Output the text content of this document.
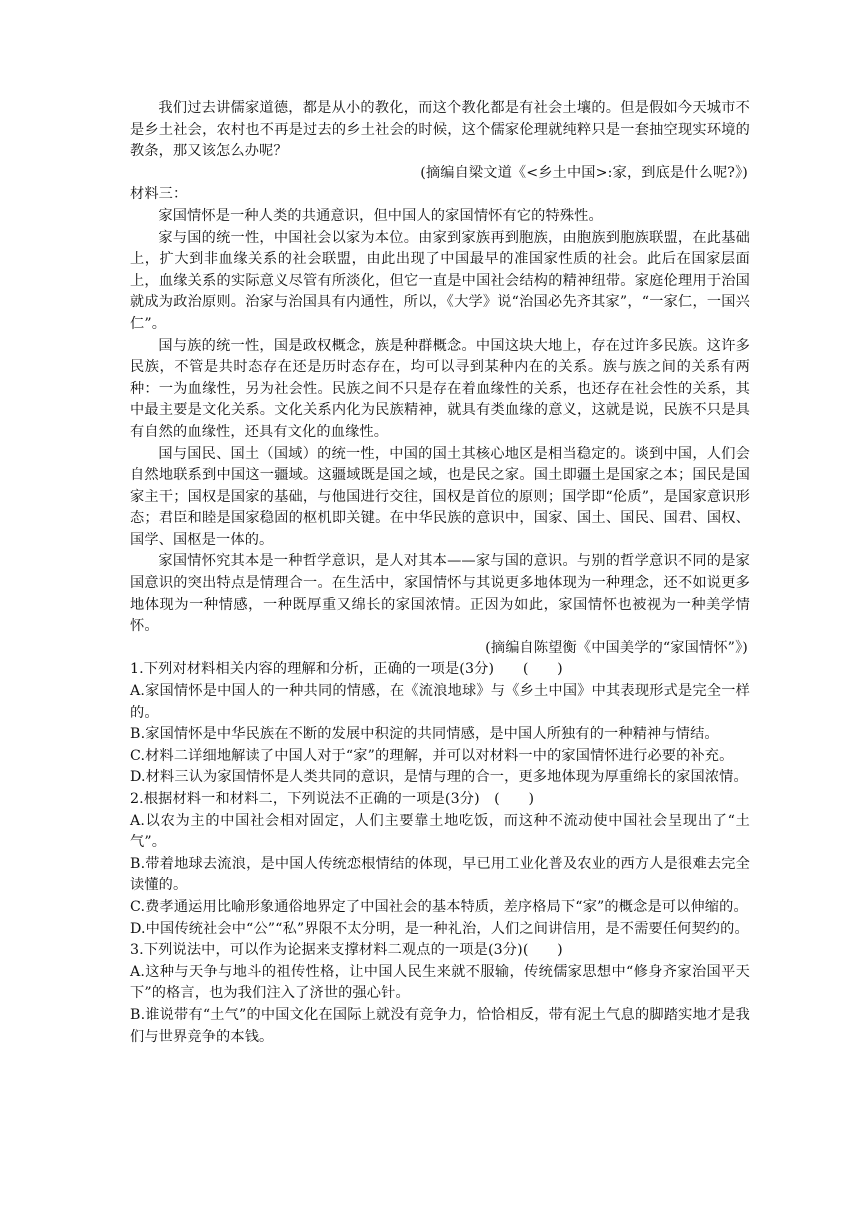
我们过去讲儒家道德，都是从小的教化，而这个教化都是有社会土壤的。但是假如今天城市不是乡土社会，农村也不再是过去的乡土社会的时候，这个儒家伦理就纯粹只是一套抽空现实环境的教条，那又该怎么办呢？

(摘编自梁文道《<乡土中国>:家，到底是什么呢?》)

材料三：

家国情怀是一种人类的共通意识，但中国人的家国情怀有它的特殊性。

家与国的统一性，中国社会以家为本位。由家到家族再到胞族，由胞族到胞族联盟，在此基础上，扩大到非血缘关系的社会联盟，由此出现了中国最早的准国家性质的社会。此后在国家层面上，血缘关系的实际意义尽管有所淡化，但它一直是中国社会结构的精神纽带。家庭伦理用于治国就成为政治原则。治家与治国具有内通性，所以，《大学》说“治国必先齐其家”，“一家仁，一国兴仁”。

国与族的统一性，国是政权概念，族是种群概念。中国这块大地上，存在过许多民族。这许多民族，不管是共时态存在还是历时态存在，均可以寻到某种内在的关系。族与族之间的关系有两种：一为血缘性，另为社会性。民族之间不只是存在着血缘性的关系，也还存在社会性的关系，其中最主要是文化关系。文化关系内化为民族精神，就具有类血缘的意义，这就是说，民族不只是具有自然的血缘性，还具有文化的血缘性。

国与国民、国土（国域）的统一性，中国的国土其核心地区是相当稳定的。谈到中国，人们会自然地联系到中国这一疆域。这疆域既是国之域，也是民之家。国土即疆土是国家之本；国民是国家主干；国权是国家的基础，与他国进行交往，国权是首位的原则；国学即“伦质”，是国家意识形态；君臣和睦是国家稳固的枢机即关键。在中华民族的意识中，国家、国土、国民、国君、国权、国学、国枢是一体的。

家国情怀究其本是一种哲学意识，是人对其本——家与国的意识。与别的哲学意识不同的是家国意识的突出特点是情理合一。在生活中，家国情怀与其说更多地体现为一种理念，还不如说更多地体现为一种情感，一种既厚重又绵长的家国浓情。正因为如此，家国情怀也被视为一种美学情怀。

(摘编自陈望衡《中国美学的“家国情怀”》)

1.下列对材料相关内容的理解和分析，正确的一项是(3分)　　(　　)

A.家国情怀是中国人的一种共同的情感，在《流浪地球》与《乡土中国》中其表现形式是完全一样的。

B.家国情怀是中华民族在不断的发展中积淀的共同情感，是中国人所独有的一种精神与情结。

C.材料二详细地解读了中国人对于“家”的理解，并可以对材料一中的家国情怀进行必要的补充。

D.材料三认为家国情怀是人类共同的意识，是情与理的合一，更多地体现为厚重绵长的家国浓情。

2.根据材料一和材料二，下列说法不正确的一项是(3分)　(　　)

A.以农为主的中国社会相对固定，人们主要靠土地吃饭，而这种不流动使中国社会呈现出了“土气”。

B.带着地球去流浪，是中国人传统恋根情结的体现，早已用工业化普及农业的西方人是很难去完全读懂的。

C.费孝通运用比喻形象通俗地界定了中国社会的基本特质，差序格局下“家”的概念是可以伸缩的。

D.中国传统社会中“公”“私”界限不太分明，是一种礼治，人们之间讲信用，是不需要任何契约的。

3.下列说法中，可以作为论据来支撑材料二观点的一项是(3分)(　　)

A.这种与天争与地斗的祖传性格，让中国人民生来就不服输，传统儒家思想中“修身齐家治国平天下”的格言，也为我们注入了济世的强心针。

B.谁说带有“土气”的中国文化在国际上就没有竞争力，恰恰相反，带有泥土气息的脚踏实地才是我们与世界竞争的本钱。
